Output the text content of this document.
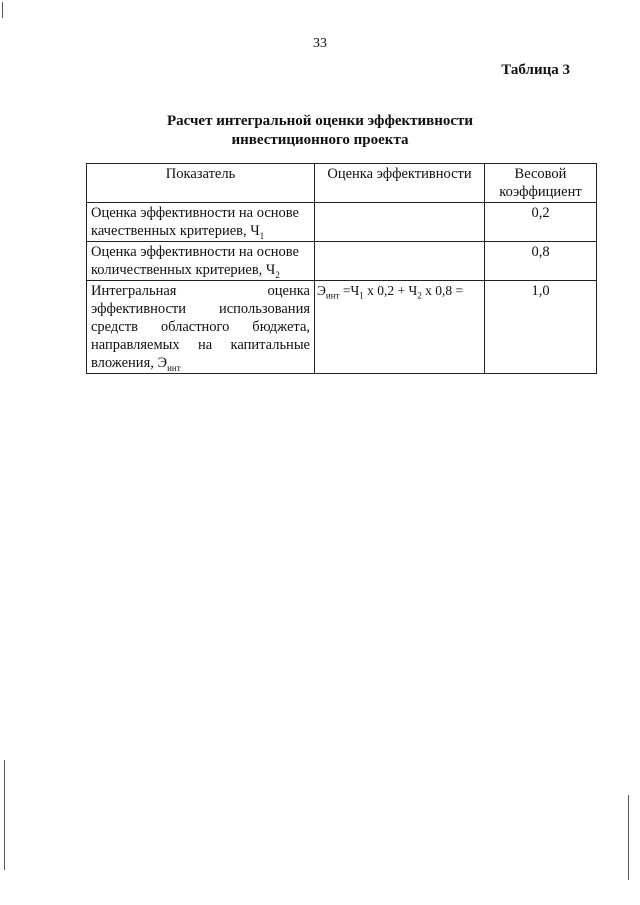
33
Таблица 3
Расчет интегральной оценки эффективности
инвестиционного проекта
Показатель	Оценка эффективности	Весовой коэффициент
Оценка эффективности на основе качественных критериев, $Ч_1$		0,2
Оценка эффективности на основе количественных критериев, $Ч_2$		0,8
Интегральная оценка эффективности использования средств областного бюджета, направляемых на капитальные вложения, $Э_{инт}$	$Э_{инт} =Ч_1$ х $0,2 + Ч_2$ х 0,8 =	1,0
